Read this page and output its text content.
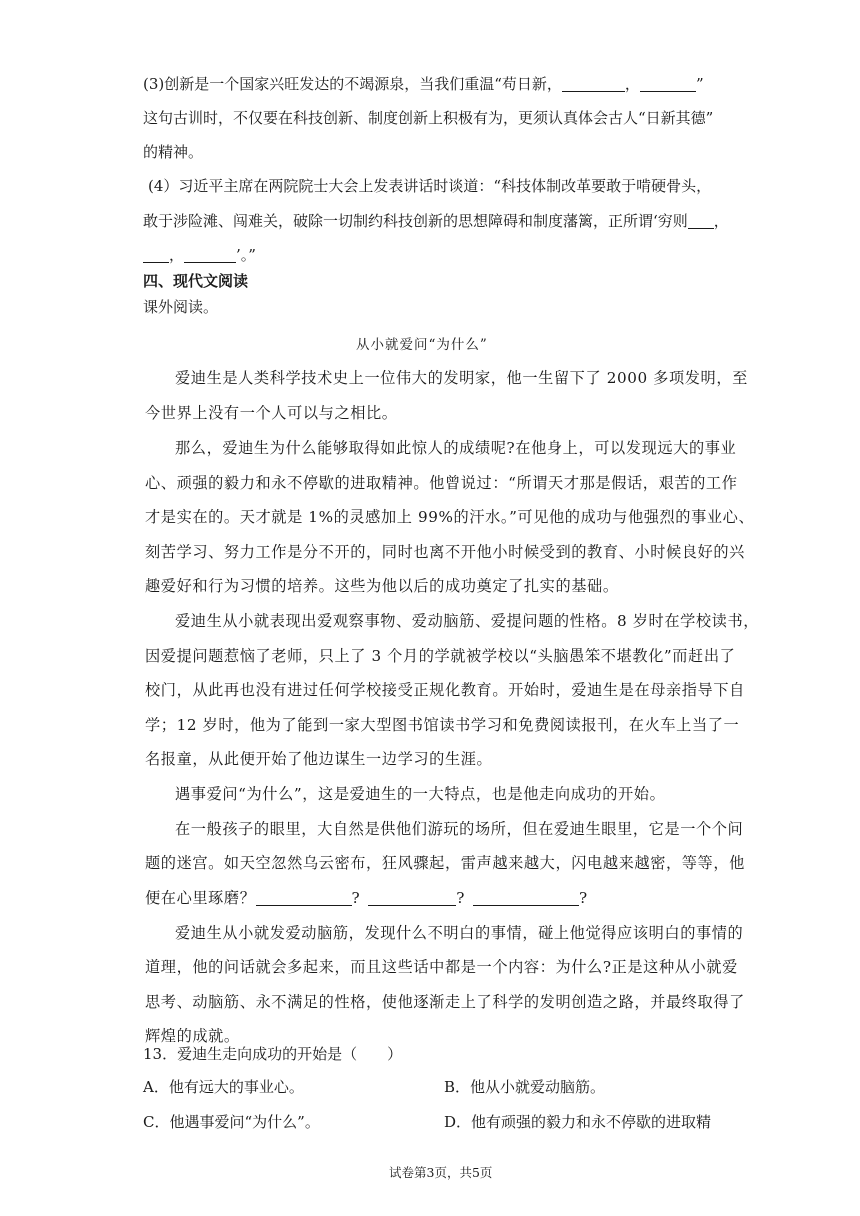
(3)创新是一个国家兴旺发达的不竭源泉，当我们重温“苟日新，	，	”
这句古训时，不仅要在科技创新、制度创新上积极有为，更须认真体会古人“日新其德”
的精神。
(4）习近平主席在两院院士大会上发表讲话时谈道：“科技体制改革要敢于啃硬骨头，
敢于涉险滩、闯难关，破除一切制约科技创新的思想障碍和制度藩篱，正所谓‘穷则 ，
，	’。”
四、现代文阅读
课外阅读。
从小就爱问“为什么”
爱迪生是人类科学技术史上一位伟大的发明家，他一生留下了 2000 多项发明，至
今世界上没有一个人可以与之相比。
那么，爱迪生为什么能够取得如此惊人的成绩呢?在他身上，可以发现远大的事业
心、顽强的毅力和永不停歇的进取精神。他曾说过：“所谓天才那是假话，艰苦的工作
才是实在的。天才就是 1%的灵感加上 99%的汗水。”可见他的成功与他强烈的事业心、
刻苦学习、努力工作是分不开的，同时也离不开他小时候受到的教育、小时候良好的兴
趣爱好和行为习惯的培养。这些为他以后的成功奠定了扎实的基础。
爱迪生从小就表现出爱观察事物、爱动脑筋、爱提问题的性格。8 岁时在学校读书，
因爱提问题惹恼了老师，只上了 3 个月的学就被学校以“头脑愚笨不堪教化”而赶出了
校门，从此再也没有进过任何学校接受正规化教育。开始时，爱迪生是在母亲指导下自
学；12 岁时，他为了能到一家大型图书馆读书学习和免费阅读报刊，在火车上当了一
名报童，从此便开始了他边谋生一边学习的生涯。
遇事爱问“为什么”，这是爱迪生的一大特点，也是他走向成功的开始。
在一般孩子的眼里，大自然是供他们游玩的场所，但在爱迪生眼里，它是一个个问
题的迷宫。如天空忽然乌云密布，狂风骤起，雷声越来越大，闪电越来越密，等等，他
便在心里琢磨？	?	?	?
爱迪生从小就发爱动脑筋，发现什么不明白的事情，碰上他觉得应该明白的事情的
道理，他的问话就会多起来，而且这些话中都是一个内容：为什么?正是这种从小就爱
思考、动脑筋、永不满足的性格，使他逐渐走上了科学的发明创造之路，并最终取得了
辉煌的成就。
13．爱迪生走向成功的开始是（　　）
A．他有远大的事业心。	B．他从小就爱动脑筋。
C．他遇事爱问“为什么”。	D．他有顽强的毅力和永不停歇的进取精
试卷第3页，共5页
